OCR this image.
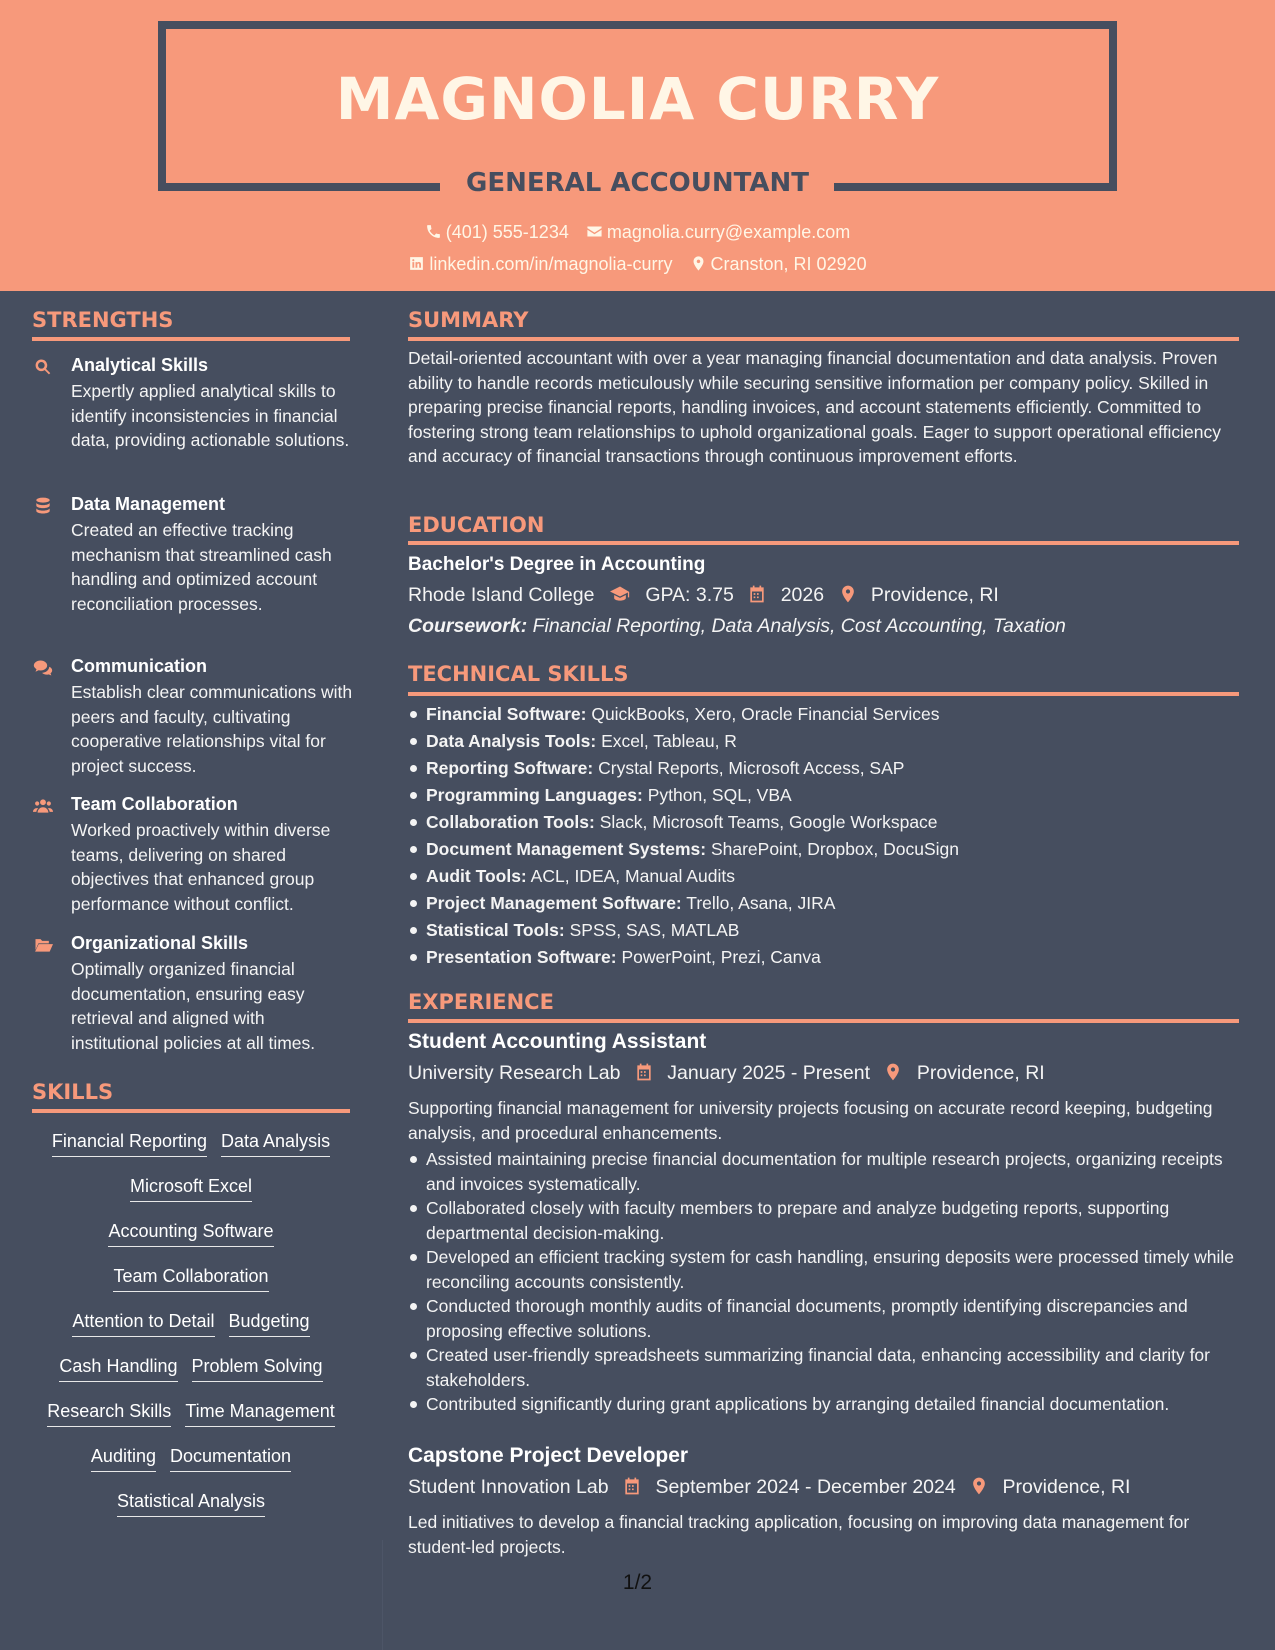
MAGNOLIA CURRY
GENERAL ACCOUNTANT
(401) 555-1234 magnolia.curry@example.com
linkedin.com/in/magnolia-curry Cranston, RI 02920
STRENGTHS
Analytical Skills
Expertly applied analytical skills to identify inconsistencies in financial data, providing actionable solutions.
Data Management
Created an effective tracking mechanism that streamlined cash handling and optimized account reconciliation processes.
Communication
Establish clear communications with peers and faculty, cultivating cooperative relationships vital for project success.
Team Collaboration
Worked proactively within diverse teams, delivering on shared objectives that enhanced group performance without conflict.
Organizational Skills
Optimally organized financial documentation, ensuring easy retrieval and aligned with institutional policies at all times.
SKILLS
Financial Reporting Data Analysis
Microsoft Excel
Accounting Software
Team Collaboration
Attention to Detail Budgeting
Cash Handling Problem Solving
Research Skills Time Management
Auditing Documentation
Statistical Analysis
SUMMARY
Detail-oriented accountant with over a year managing financial documentation and data analysis. Proven ability to handle records meticulously while securing sensitive information per company policy. Skilled in preparing precise financial reports, handling invoices, and account statements efficiently. Committed to fostering strong team relationships to uphold organizational goals. Eager to support operational efficiency and accuracy of financial transactions through continuous improvement efforts.
EDUCATION
Bachelor's Degree in Accounting
Rhode Island College	GPA: 3.75 2026 Providence, RI
Coursework: Financial Reporting, Data Analysis, Cost Accounting, Taxation
TECHNICAL SKILLS
Financial Software: QuickBooks, Xero, Oracle Financial Services
Data Analysis Tools: Excel, Tableau, R
Reporting Software: Crystal Reports, Microsoft Access, SAP
Programming Languages: Python, SQL, VBA
Collaboration Tools: Slack, Microsoft Teams, Google Workspace
Document Management Systems: SharePoint, Dropbox, DocuSign
Audit Tools: ACL, IDEA, Manual Audits
Project Management Software: Trello, Asana, JIRA
Statistical Tools: SPSS, SAS, MATLAB
Presentation Software: PowerPoint, Prezi, Canva
EXPERIENCE
Student Accounting Assistant
University Research Lab January 2025 - Present Providence, RI
Supporting financial management for university projects focusing on accurate record keeping, budgeting analysis, and procedural enhancements.
Assisted maintaining precise financial documentation for multiple research projects, organizing receipts and invoices systematically.
Collaborated closely with faculty members to prepare and analyze budgeting reports, supporting departmental decision-making.
Developed an efficient tracking system for cash handling, ensuring deposits were processed timely while reconciling accounts consistently.
Conducted thorough monthly audits of financial documents, promptly identifying discrepancies and proposing effective solutions.
Created user-friendly spreadsheets summarizing financial data, enhancing accessibility and clarity for stakeholders.
Contributed significantly during grant applications by arranging detailed financial documentation.
Capstone Project Developer
Student Innovation Lab September 2024 - December 2024 Providence, RI
Led initiatives to develop a financial tracking application, focusing on improving data management for student-led projects.
1/2
